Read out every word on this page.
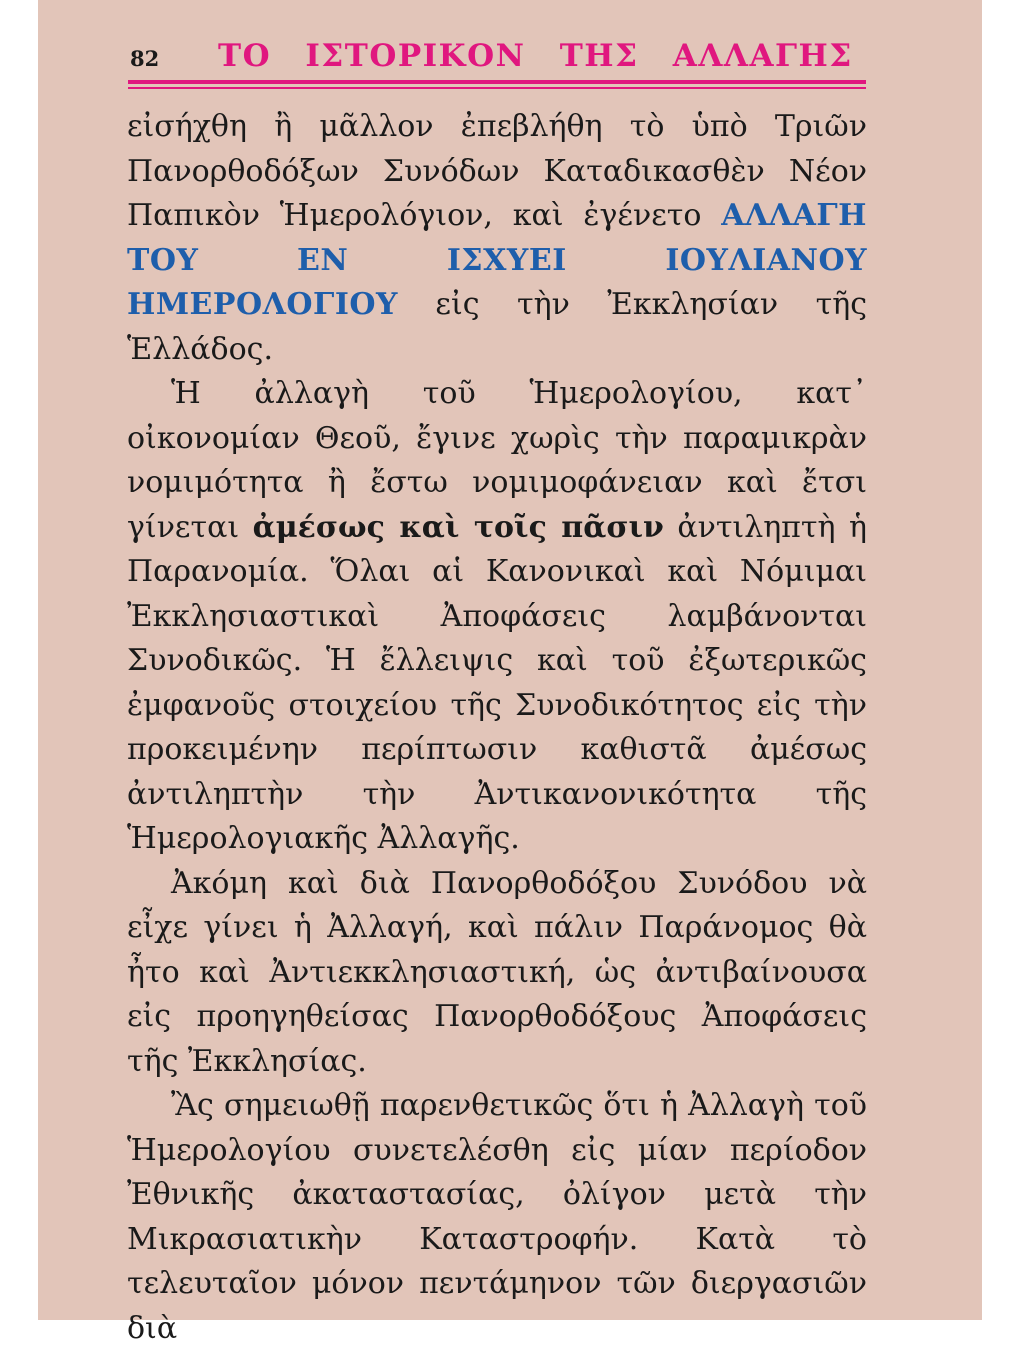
82 ΤΟ ΙΣΤΟΡΙΚΟΝ ΤΗΣ ΑΛΛΑΓΗΣ

εἰσήχθη ἢ μᾶλλον ἐπεβλήθη τὸ ὑπὸ Τριῶν Πανορθοδόξων Συνόδων Καταδικασθὲν Νέον Παπικὸν Ἡμερολόγιον, καὶ ἐγένετο ΑΛΛΑΓΗ ΤΟΥ ΕΝ ΙΣΧΥΕΙ ΙΟΥΛΙΑΝΟΥ ΗΜΕΡΟΛΟΓΙΟΥ εἰς τὴν Ἐκκλησίαν τῆς Ἑλλάδος.

Ἡ ἀλλαγὴ τοῦ Ἡμερολογίου, κατ᾽ οἰκονομίαν Θεοῦ, ἔγινε χωρὶς τὴν παραμικρὰν νομιμότητα ἢ ἔστω νομιμοφάνειαν καὶ ἔτσι γίνεται ἀμέσως καὶ τοῖς πᾶσιν ἀντιληπτὴ ἡ Παρανομία. Ὅλαι αἱ Κανονικαὶ καὶ Νόμιμαι Ἐκκλησιαστικαὶ Ἀποφάσεις λαμβάνονται Συνοδικῶς. Ἡ ἔλλειψις καὶ τοῦ ἐξωτερικῶς ἐμφανοῦς στοιχείου τῆς Συνοδικότητος εἰς τὴν προκειμένην περίπτωσιν καθιστᾶ ἀμέσως ἀντιληπτὴν τὴν Ἀντικανονικότητα τῆς Ἡμερολογιακῆς Ἀλλαγῆς.

Ἀκόμη καὶ διὰ Πανορθοδόξου Συνόδου νὰ εἶχε γίνει ἡ Ἀλλαγή, καὶ πάλιν Παράνομος θὰ ἦτο καὶ Ἀντιεκκλησιαστική, ὡς ἀντιβαίνουσα εἰς προηγηθείσας Πανορθοδόξους Ἀποφάσεις τῆς Ἐκκλησίας.

Ἂς σημειωθῇ παρενθετικῶς ὅτι ἡ Ἀλλαγὴ τοῦ Ἡμερολογίου συνετελέσθη εἰς μίαν περίοδον Ἐθνικῆς ἀκαταστασίας, ὀλίγον μετὰ τὴν Μικρασιατικὴν Καταστροφήν. Κατὰ τὸ τελευταῖον μόνον πεντάμηνον τῶν διεργασιῶν διὰ
